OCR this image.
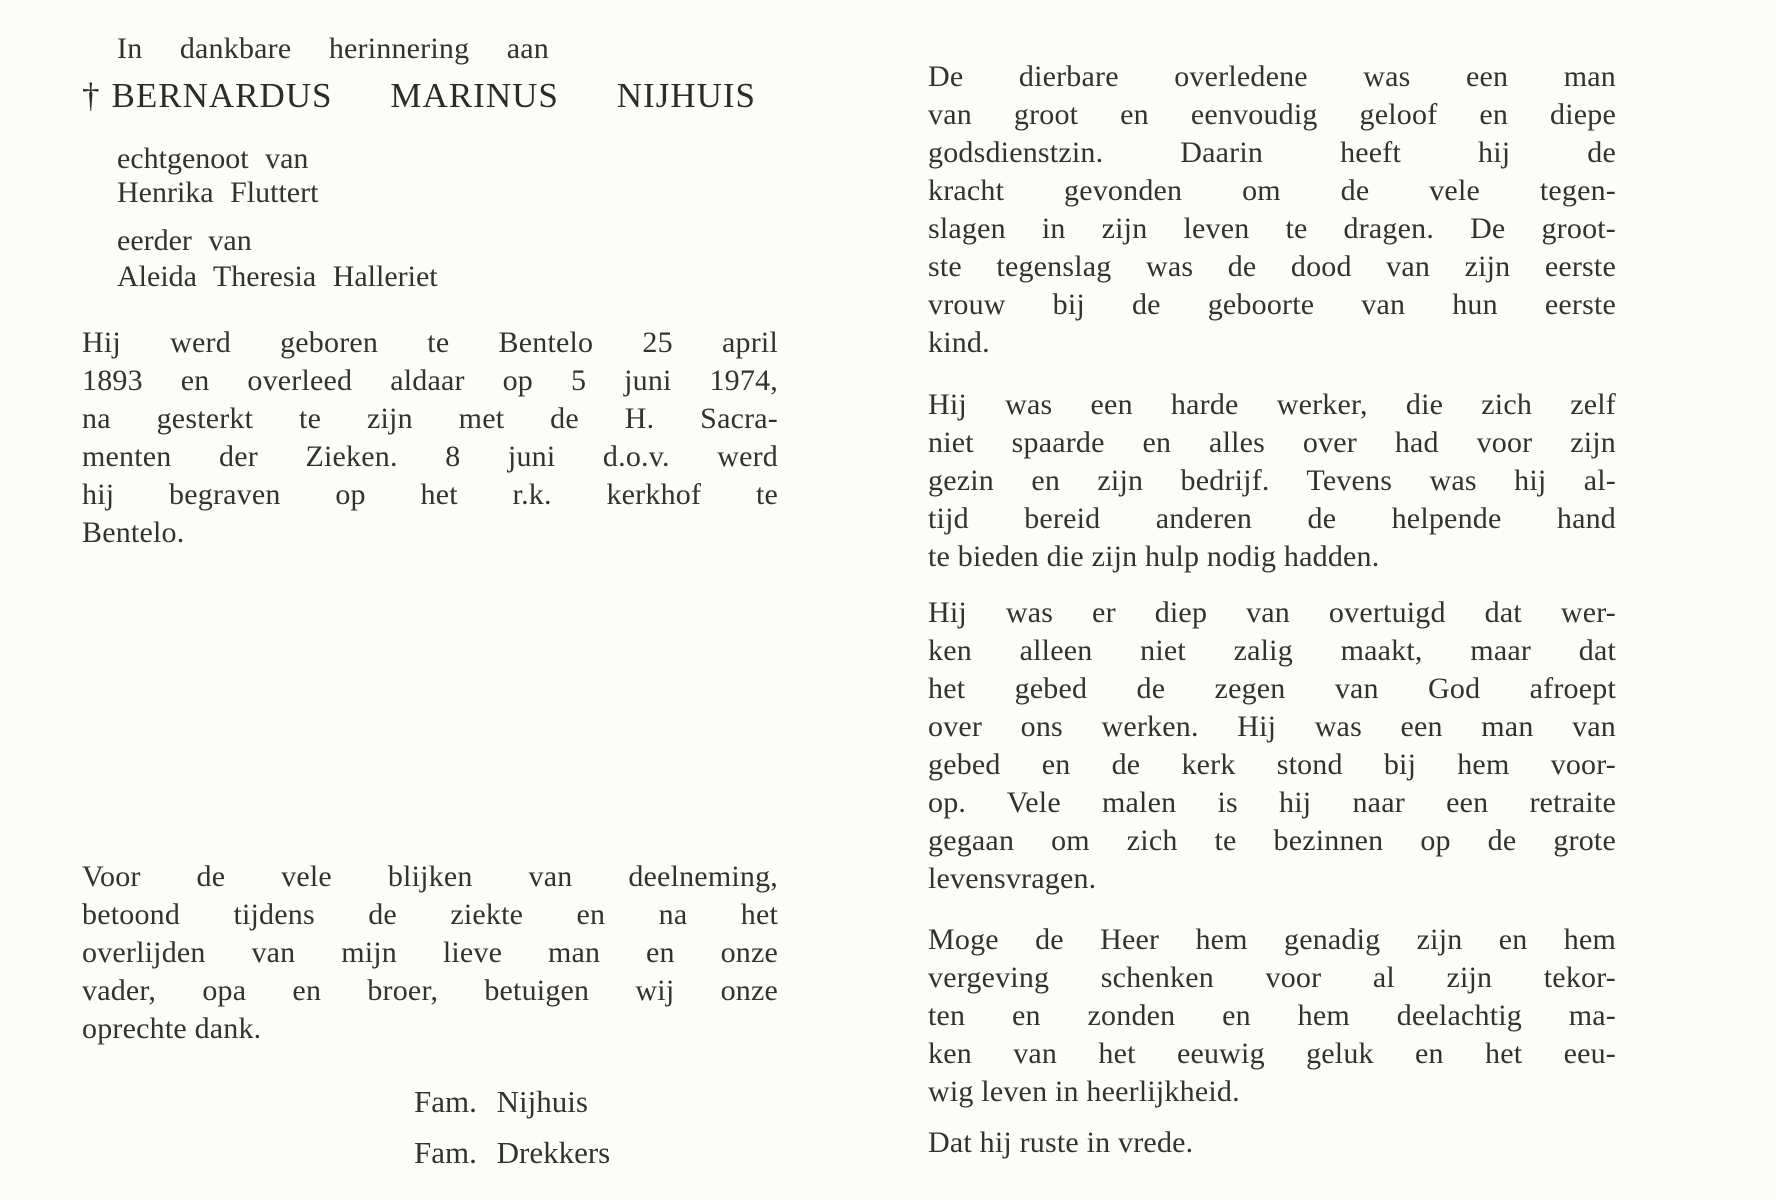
In dankbare herinnering aan
† BERNARDUS MARINUS NIJHUIS
echtgenoot van
Henrika Fluttert
eerder van
Aleida Theresia Halleriet
Hij werd geboren te Bentelo 25 april
1893 en overleed aldaar op 5 juni 1974,
na gesterkt te zijn met de H. Sacra-
menten der Zieken. 8 juni d.o.v. werd
hij begraven op het r.k. kerkhof te
Bentelo.
Voor de vele blijken van deelneming,
betoond tijdens de ziekte en na het
overlijden van mijn lieve man en onze
vader, opa en broer, betuigen wij onze
oprechte dank.
Fam. Nijhuis
Fam. Drekkers
De dierbare overledene was een man
van groot en eenvoudig geloof en diepe
godsdienstzin. Daarin heeft hij de
kracht gevonden om de vele tegen-
slagen in zijn leven te dragen. De groot-
ste tegenslag was de dood van zijn eerste
vrouw bij de geboorte van hun eerste
kind.
Hij was een harde werker, die zich zelf
niet spaarde en alles over had voor zijn
gezin en zijn bedrijf. Tevens was hij al-
tijd bereid anderen de helpende hand
te bieden die zijn hulp nodig hadden.
Hij was er diep van overtuigd dat wer-
ken alleen niet zalig maakt, maar dat
het gebed de zegen van God afroept
over ons werken. Hij was een man van
gebed en de kerk stond bij hem voor-
op. Vele malen is hij naar een retraite
gegaan om zich te bezinnen op de grote
levensvragen.
Moge de Heer hem genadig zijn en hem
vergeving schenken voor al zijn tekor-
ten en zonden en hem deelachtig ma-
ken van het eeuwig geluk en het eeu-
wig leven in heerlijkheid.
Dat hij ruste in vrede.
